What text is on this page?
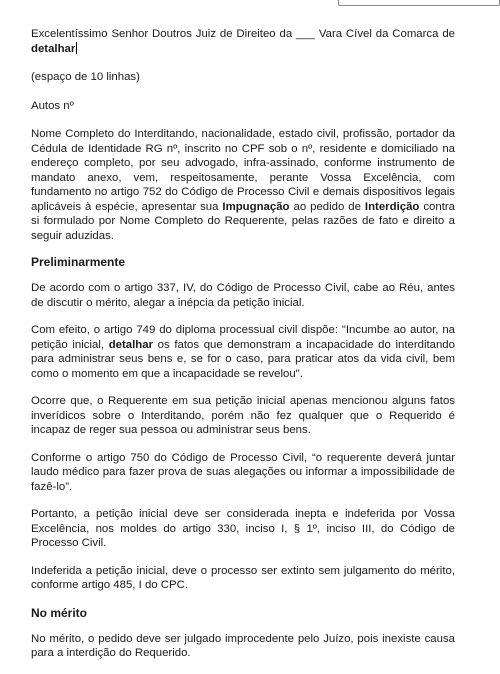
Excelentíssimo Senhor Doutros Juiz de Direiteo da ___ Vara Cível da Comarca de detalhar

(espaço de 10 linhas)

Autos nº

Nome Completo do Interditando, nacionalidade, estado civil, profissão, portador da Cédula de Identidade RG nº, inscrito no CPF sob o nº, residente e domiciliado na endereço completo, por seu advogado, infra-assinado, conforme instrumento de mandato anexo, vem, respeitosamente, perante Vossa Excelência, com fundamento no artigo 752 do Código de Processo Civil e demais dispositivos legais aplicáveis à espécie, apresentar sua Impugnação ao pedido de Interdição contra si formulado por Nome Completo do Requerente, pelas razões de fato e direito a seguir aduzidas.

Preliminarmente

De acordo com o artigo 337, IV, do Código de Processo Civil, cabe ao Réu, antes de discutir o mérito, alegar a inépcia da petição inicial.

Com efeito, o artigo 749 do diploma processual civil dispõe: "Incumbe ao autor, na petição inicial, detalhar os fatos que demonstram a incapacidade do interditando para administrar seus bens e, se for o caso, para praticar atos da vida civil, bem como o momento em que a incapacidade se revelou".

Ocorre que, o Requerente em sua petição inicial apenas mencionou alguns fatos inverídicos sobre o Interditando, porém não fez qualquer que o Requerido é incapaz de reger sua pessoa ou administrar seus bens.

Conforme o artigo 750 do Código de Processo Civil, “o requerente deverá juntar laudo médico para fazer prova de suas alegações ou informar a impossibilidade de fazê-lo”.

Portanto, a petição inicial deve ser considerada inepta e indeferida por Vossa Excelência, nos moldes do artigo 330, inciso I, § 1º, inciso III, do Código de Processo Civil.

Indeferida a petição inicial, deve o processo ser extinto sem julgamento do mérito, conforme artigo 485, I do CPC.

No mérito

No mérito, o pedido deve ser julgado improcedente pelo Juízo, pois inexiste causa para a interdição do Requerido.
